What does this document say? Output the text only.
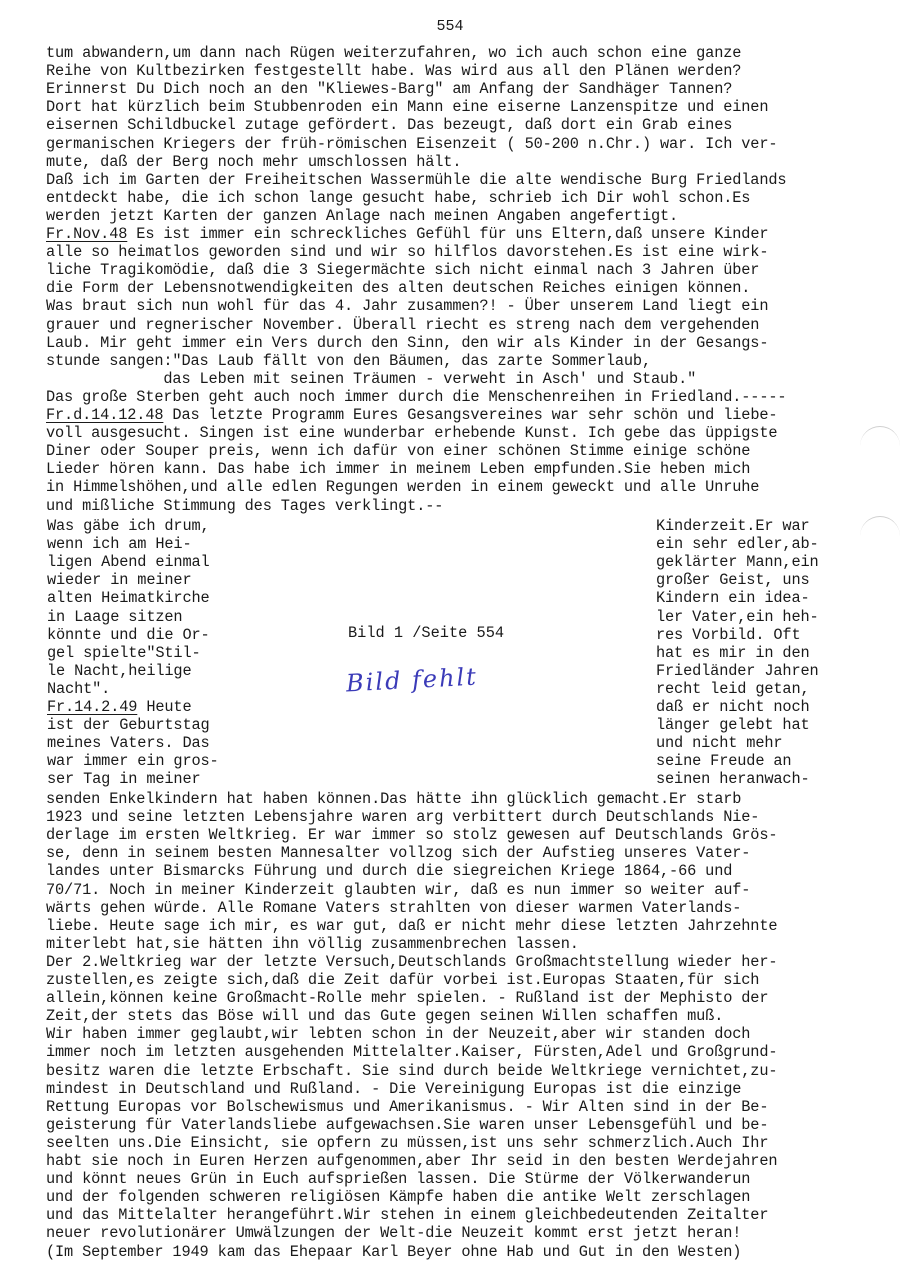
554
tum abwandern,um dann nach Rügen weiterzufahren, wo ich auch schon eine ganze
Reihe von Kultbezirken festgestellt habe. Was wird aus all den Plänen werden?
Erinnerst Du Dich noch an den "Kliewes-Barg" am Anfang der Sandhäger Tannen?
Dort hat kürzlich beim Stubbenroden ein Mann eine eiserne Lanzenspitze und einen
eisernen Schildbuckel zutage gefördert. Das bezeugt, daß dort ein Grab eines
germanischen Kriegers der früh-römischen Eisenzeit ( 50-200 n.Chr.) war. Ich ver-
mute, daß der Berg noch mehr umschlossen hält.
Daß ich im Garten der Freiheitschen Wassermühle die alte wendische Burg Friedlands
entdeckt habe, die ich schon lange gesucht habe, schrieb ich Dir wohl schon.Es
werden jetzt Karten der ganzen Anlage nach meinen Angaben angefertigt.
Fr.Nov.48 Es ist immer ein schreckliches Gefühl für uns Eltern,daß unsere Kinder
alle so heimatlos geworden sind und wir so hilflos davorstehen.Es ist eine wirk-
liche Tragikomödie, daß die 3 Siegermächte sich nicht einmal nach 3 Jahren über
die Form der Lebensnotwendigkeiten des alten deutschen Reiches einigen können.
Was braut sich nun wohl für das 4. Jahr zusammen?! - Über unserem Land liegt ein
grauer und regnerischer November. Überall riecht es streng nach dem vergehenden
Laub. Mir geht immer ein Vers durch den Sinn, den wir als Kinder in der Gesangs-
stunde sangen:"Das Laub fällt von den Bäumen, das zarte Sommerlaub,
das Leben mit seinen Träumen - verweht in Asch' und Staub."
Das große Sterben geht auch noch immer durch die Menschenreihen in Friedland.-----
Fr.d.14.12.48 Das letzte Programm Eures Gesangsvereines war sehr schön und liebe-
voll ausgesucht. Singen ist eine wunderbar erhebende Kunst. Ich gebe das üppigste
Diner oder Souper preis, wenn ich dafür von einer schönen Stimme einige schöne
Lieder hören kann. Das habe ich immer in meinem Leben empfunden.Sie heben mich
in Himmelshöhen,und alle edlen Regungen werden in einem geweckt und alle Unruhe
und mißliche Stimmung des Tages verklingt.--
Was gäbe ich drum,
wenn ich am Hei-
ligen Abend einmal
wieder in meiner
alten Heimatkirche
in Laage sitzen
könnte und die Or-
gel spielte"Stil-
le Nacht,heilige
Nacht".
Fr.14.2.49 Heute
ist der Geburtstag
meines Vaters. Das
war immer ein gros-
ser Tag in meiner
Kinderzeit.Er war
ein sehr edler,ab-
geklärter Mann,ein
großer Geist, uns
Kindern ein idea-
ler Vater,ein heh-
res Vorbild. Oft
hat es mir in den
Friedländer Jahren
recht leid getan,
daß er nicht noch
länger gelebt hat
und nicht mehr
seine Freude an
seinen heranwach-
Bild 1 /Seite 554
Bild fehlt
senden Enkelkindern hat haben können.Das hätte ihn glücklich gemacht.Er starb
1923 und seine letzten Lebensjahre waren arg verbittert durch Deutschlands Nie-
derlage im ersten Weltkrieg. Er war immer so stolz gewesen auf Deutschlands Grös-
se, denn in seinem besten Mannesalter vollzog sich der Aufstieg unseres Vater-
landes unter Bismarcks Führung und durch die siegreichen Kriege 1864,-66 und
70/71. Noch in meiner Kinderzeit glaubten wir, daß es nun immer so weiter auf-
wärts gehen würde. Alle Romane Vaters strahlten von dieser warmen Vaterlands-
liebe. Heute sage ich mir, es war gut, daß er nicht mehr diese letzten Jahrzehnte
miterlebt hat,sie hätten ihn völlig zusammenbrechen lassen.
Der 2.Weltkrieg war der letzte Versuch,Deutschlands Großmachtstellung wieder her-
zustellen,es zeigte sich,daß die Zeit dafür vorbei ist.Europas Staaten,für sich
allein,können keine Großmacht-Rolle mehr spielen. - Rußland ist der Mephisto der
Zeit,der stets das Böse will und das Gute gegen seinen Willen schaffen muß.
Wir haben immer geglaubt,wir lebten schon in der Neuzeit,aber wir standen doch
immer noch im letzten ausgehenden Mittelalter.Kaiser, Fürsten,Adel und Großgrund-
besitz waren die letzte Erbschaft. Sie sind durch beide Weltkriege vernichtet,zu-
mindest in Deutschland und Rußland. - Die Vereinigung Europas ist die einzige
Rettung Europas vor Bolschewismus und Amerikanismus. - Wir Alten sind in der Be-
geisterung für Vaterlandsliebe aufgewachsen.Sie waren unser Lebensgefühl und be-
seelten uns.Die Einsicht, sie opfern zu müssen,ist uns sehr schmerzlich.Auch Ihr
habt sie noch in Euren Herzen aufgenommen,aber Ihr seid in den besten Werdejahren
und könnt neues Grün in Euch aufsprießen lassen. Die Stürme der Völkerwanderun
und der folgenden schweren religiösen Kämpfe haben die antike Welt zerschlagen
und das Mittelalter herangeführt.Wir stehen in einem gleichbedeutenden Zeitalter
neuer revolutionärer Umwälzungen der Welt-die Neuzeit kommt erst jetzt heran!
(Im September 1949 kam das Ehepaar Karl Beyer ohne Hab und Gut in den Westen)
